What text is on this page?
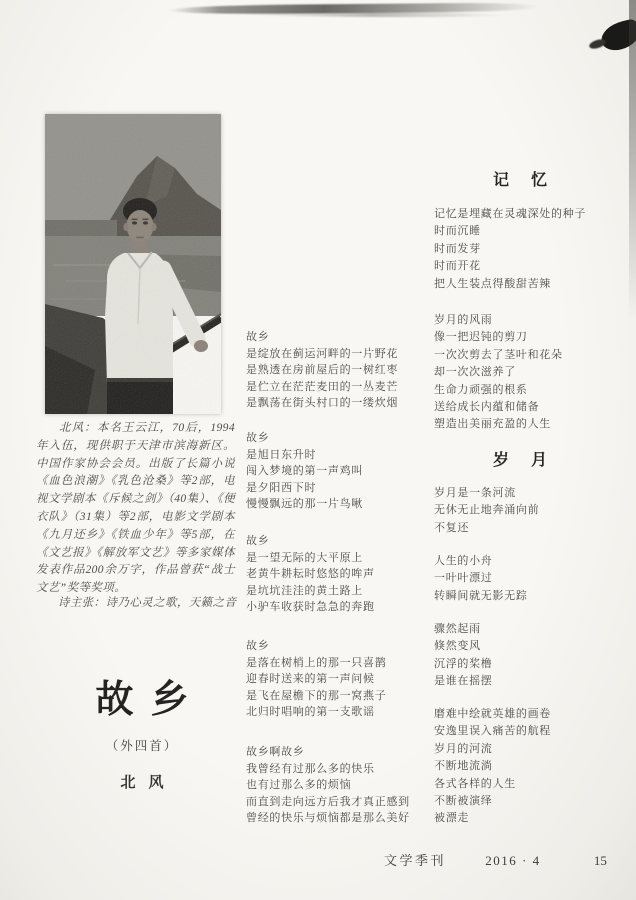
北风：本名王云江，70后，1994年入伍，现供职于天津市滨海新区。中国作家协会会员。出版了长篇小说《血色浪潮》《乳色沧桑》等2部，电视文学剧本《斥候之剑》（40集）、《便衣队》（31集）等2部，电影文学剧本《九月还乡》《铁血少年》等5部，在《文艺报》《解放军文艺》等多家媒体发表作品200余万字，作品曾获“战士文艺”奖等奖项。

诗主张：诗乃心灵之歌，天籁之音

故乡
（外四首）
北风
故乡
是绽放在蓟运河畔的一片野花
是熟透在房前屋后的一树红枣
是伫立在茫茫麦田的一丛麦芒
是飘荡在街头村口的一缕炊烟
故乡
是旭日东升时
闯入梦境的第一声鸡叫
是夕阳西下时
慢慢飘远的那一片鸟啾
故乡
是一望无际的大平原上
老黄牛耕耘时悠悠的哞声
是坑坑洼洼的黄土路上
小驴车收获时急急的奔跑
故乡
是落在树梢上的那一只喜鹊
迎春时送来的第一声问候
是飞在屋檐下的那一窝燕子
北归时唱响的第一支歌谣
故乡啊故乡
我曾经有过那么多的快乐
也有过那么多的烦恼
而直到走向远方后我才真正感到
曾经的快乐与烦恼都是那么美好
记忆
记忆是埋藏在灵魂深处的种子
时而沉睡
时而发芽
时而开花
把人生装点得酸甜苦辣
岁月的风雨
像一把迟钝的剪刀
一次次剪去了茎叶和花朵
却一次次滋养了
生命力顽强的根系
送给成长内蕴和储备
塑造出美丽充盈的人生
岁月
岁月是一条河流
无休无止地奔涌向前
不复还
人生的小舟
一叶叶漂过
转瞬间就无影无踪
骤然起雨
倏然变风
沉浮的桨橹
是谁在摇摆
磨难中绘就英雄的画卷
安逸里误入痛苦的航程
岁月的河流
不断地流淌
各式各样的人生
不断被演绎
被漂走
文学季刊	2016 · 4	15
